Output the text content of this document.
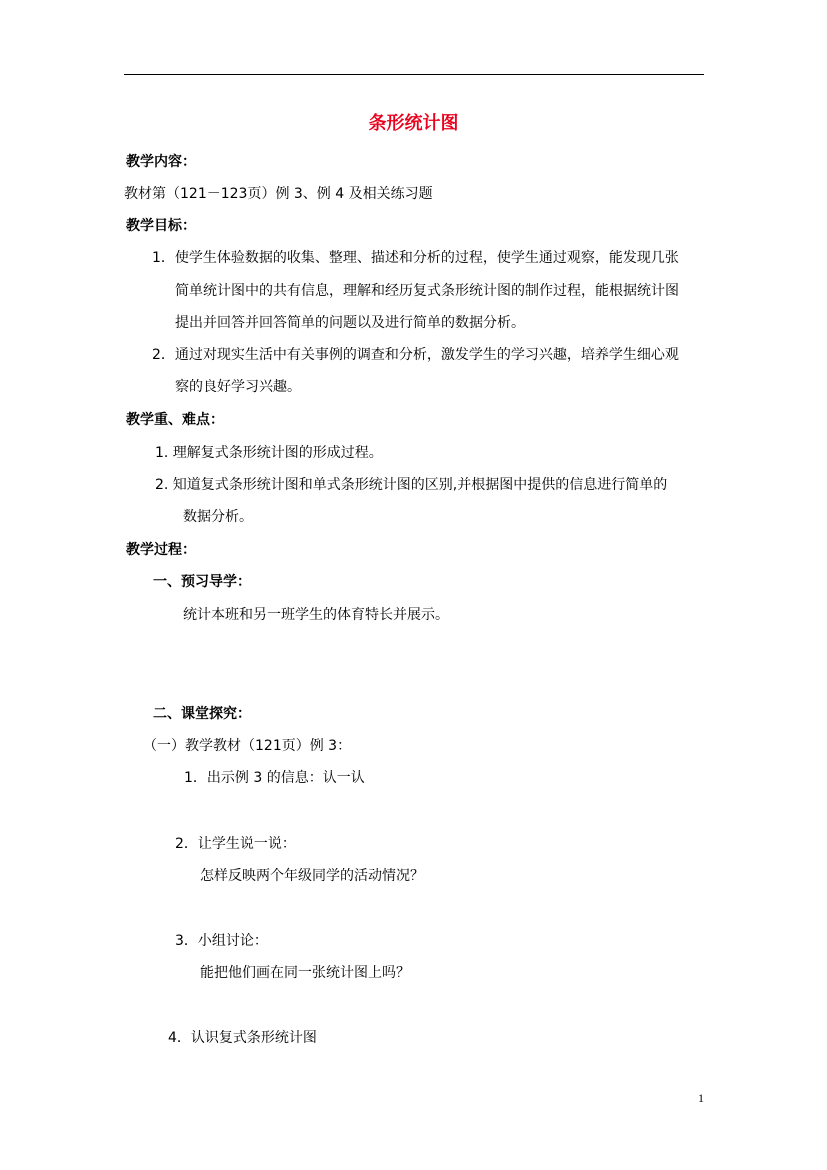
条形统计图
教学内容：
教材第（121－123页）例 3、例 4 及相关练习题
教学目标：
1．使学生体验数据的收集、整理、描述和分析的过程，使学生通过观察，能发现几张
简单统计图中的共有信息，理解和经历复式条形统计图的制作过程，能根据统计图
提出并回答并回答简单的问题以及进行简单的数据分析。
2．通过对现实生活中有关事例的调查和分析，激发学生的学习兴趣，培养学生细心观
察的良好学习兴趣。
教学重、难点：
1. 理解复式条形统计图的形成过程。
2. 知道复式条形统计图和单式条形统计图的区别,并根据图中提供的信息进行简单的
数据分析。
教学过程：
一、预习导学：
统计本班和另一班学生的体育特长并展示。
二、课堂探究：
（一）教学教材（121页）例 3：
1．出示例 3 的信息：认一认
2．让学生说一说：
怎样反映两个年级同学的活动情况？
3．小组讨论：
能把他们画在同一张统计图上吗？
4．认识复式条形统计图
1
